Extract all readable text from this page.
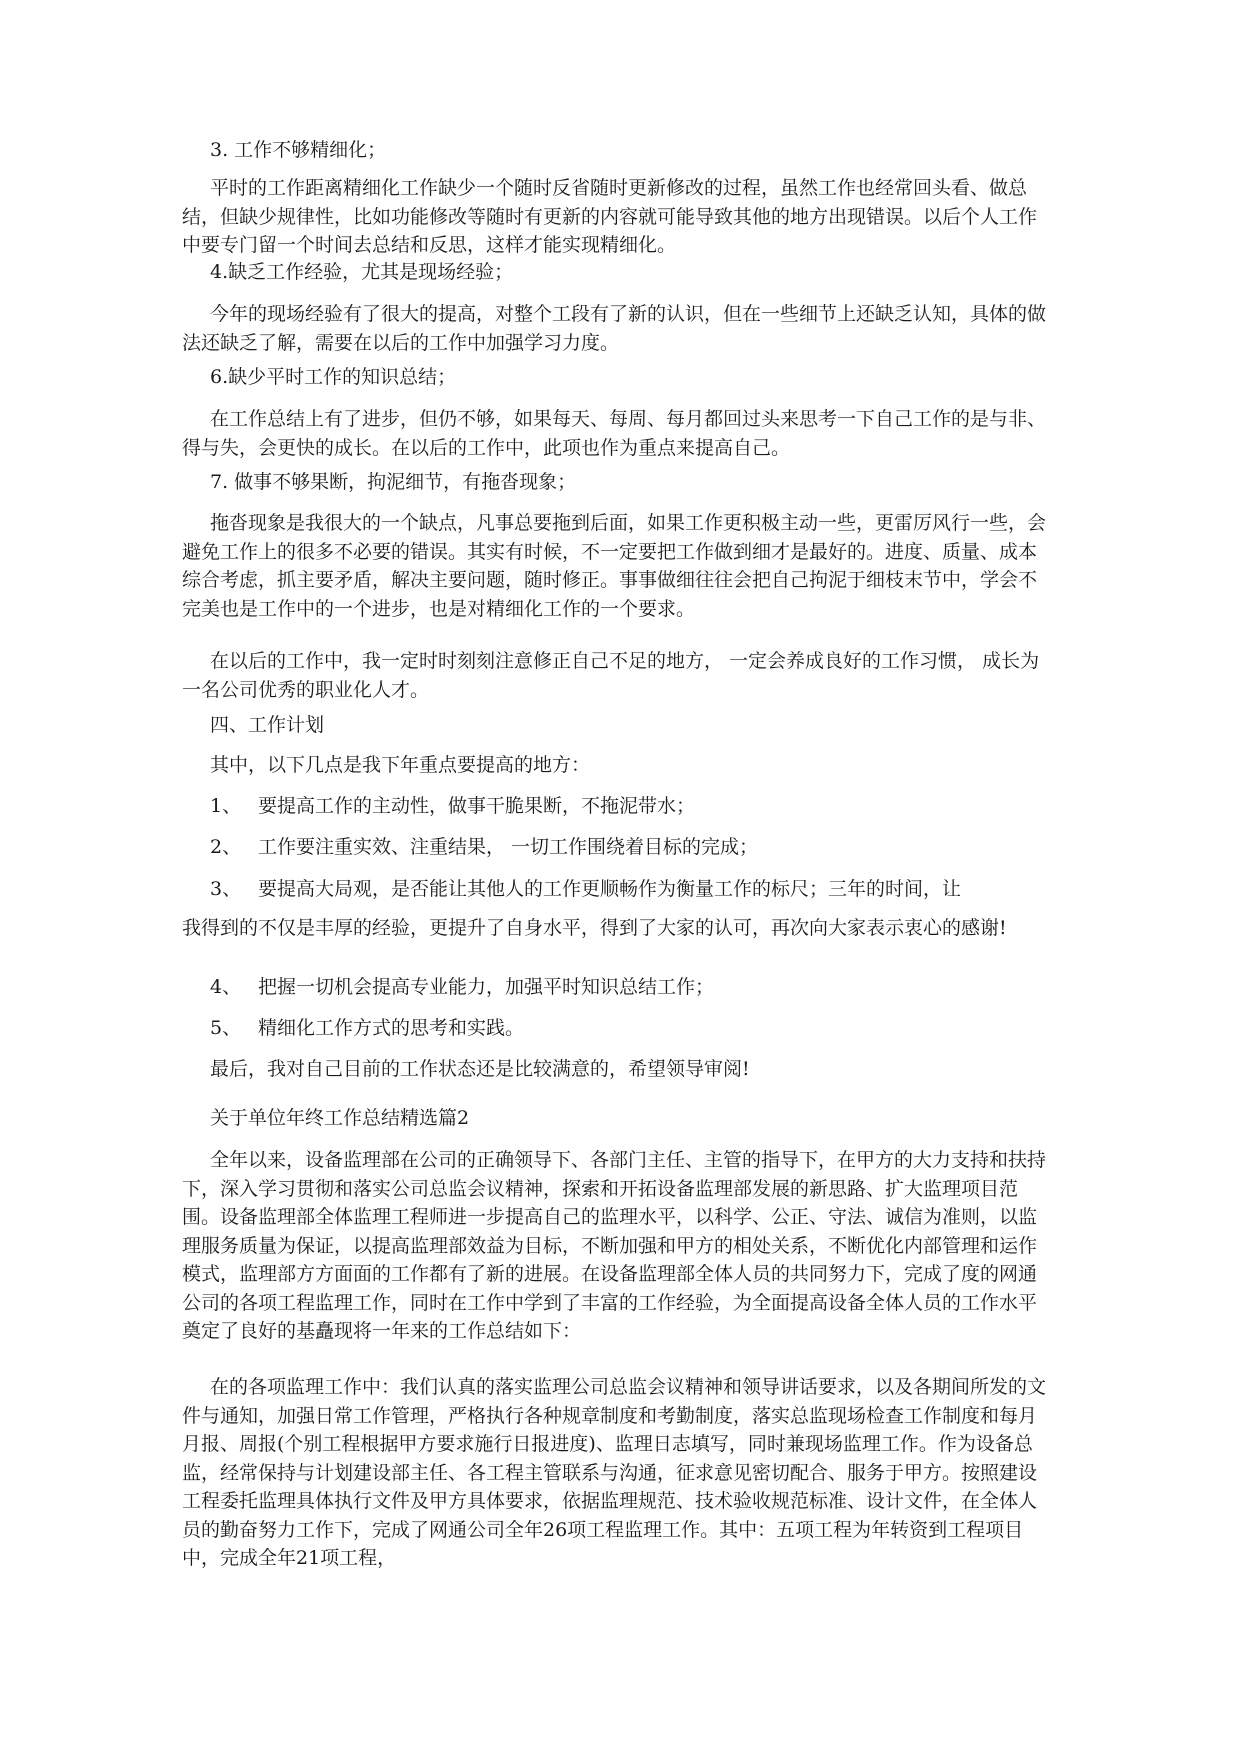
3. 工作不够精细化；

平时的工作距离精细化工作缺少一个随时反省随时更新修改的过程，虽然工作也经常回头看、做总结，但缺少规律性，比如功能修改等随时有更新的内容就可能导致其他的地方出现错误。以后个人工作中要专门留一个时间去总结和反思，这样才能实现精细化。

4.缺乏工作经验，尤其是现场经验；

今年的现场经验有了很大的提高，对整个工段有了新的认识，但在一些细节上还缺乏认知，具体的做法还缺乏了解，需要在以后的工作中加强学习力度。

6.缺少平时工作的知识总结；

在工作总结上有了进步，但仍不够，如果每天、每周、每月都回过头来思考一下自己工作的是与非、得与失，会更快的成长。在以后的工作中，此项也作为重点来提高自己。

7. 做事不够果断，拘泥细节，有拖沓现象；

拖沓现象是我很大的一个缺点，凡事总要拖到后面，如果工作更积极主动一些，更雷厉风行一些，会避免工作上的很多不必要的错误。其实有时候，不一定要把工作做到细才是最好的。进度、质量、成本综合考虑，抓主要矛盾，解决主要问题，随时修正。事事做细往往会把自己拘泥于细枝末节中，学会不完美也是工作中的一个进步，也是对精细化工作的一个要求。

在以后的工作中，我一定时时刻刻注意修正自己不足的地方， 一定会养成良好的工作习惯， 成长为一名公司优秀的职业化人才。

四、工作计划

其中，以下几点是我下年重点要提高的地方：

1、 要提高工作的主动性，做事干脆果断，不拖泥带水；

2、 工作要注重实效、注重结果， 一切工作围绕着目标的完成；

3、 要提高大局观，是否能让其他人的工作更顺畅作为衡量工作的标尺；三年的时间，让

我得到的不仅是丰厚的经验，更提升了自身水平，得到了大家的认可，再次向大家表示衷心的感谢!

4、 把握一切机会提高专业能力，加强平时知识总结工作；

5、 精细化工作方式的思考和实践。

最后，我对自己目前的工作状态还是比较满意的，希望领导审阅!

关于单位年终工作总结精选篇2

全年以来，设备监理部在公司的正确领导下、各部门主任、主管的指导下，在甲方的大力支持和扶持下，深入学习贯彻和落实公司总监会议精神，探索和开拓设备监理部发展的新思路、扩大监理项目范围。设备监理部全体监理工程师进一步提高自己的监理水平，以科学、公正、守法、诚信为准则，以监理服务质量为保证，以提高监理部效益为目标，不断加强和甲方的相处关系，不断优化内部管理和运作模式，监理部方方面面的工作都有了新的进展。在设备监理部全体人员的共同努力下，完成了度的网通公司的各项工程监理工作，同时在工作中学到了丰富的工作经验，为全面提高设备全体人员的工作水平奠定了良好的基矗现将一年来的工作总结如下：

在的各项监理工作中：我们认真的落实监理公司总监会议精神和领导讲话要求，以及各期间所发的文件与通知，加强日常工作管理，严格执行各种规章制度和考勤制度，落实总监现场检查工作制度和每月月报、周报(个别工程根据甲方要求施行日报进度)、监理日志填写，同时兼现场监理工作。作为设备总监，经常保持与计划建设部主任、各工程主管联系与沟通，征求意见密切配合、服务于甲方。按照建设工程委托监理具体执行文件及甲方具体要求，依据监理规范、技术验收规范标准、设计文件，在全体人员的勤奋努力工作下，完成了网通公司全年26项工程监理工作。其中：五项工程为年转资到工程项目中，完成全年21项工程，
